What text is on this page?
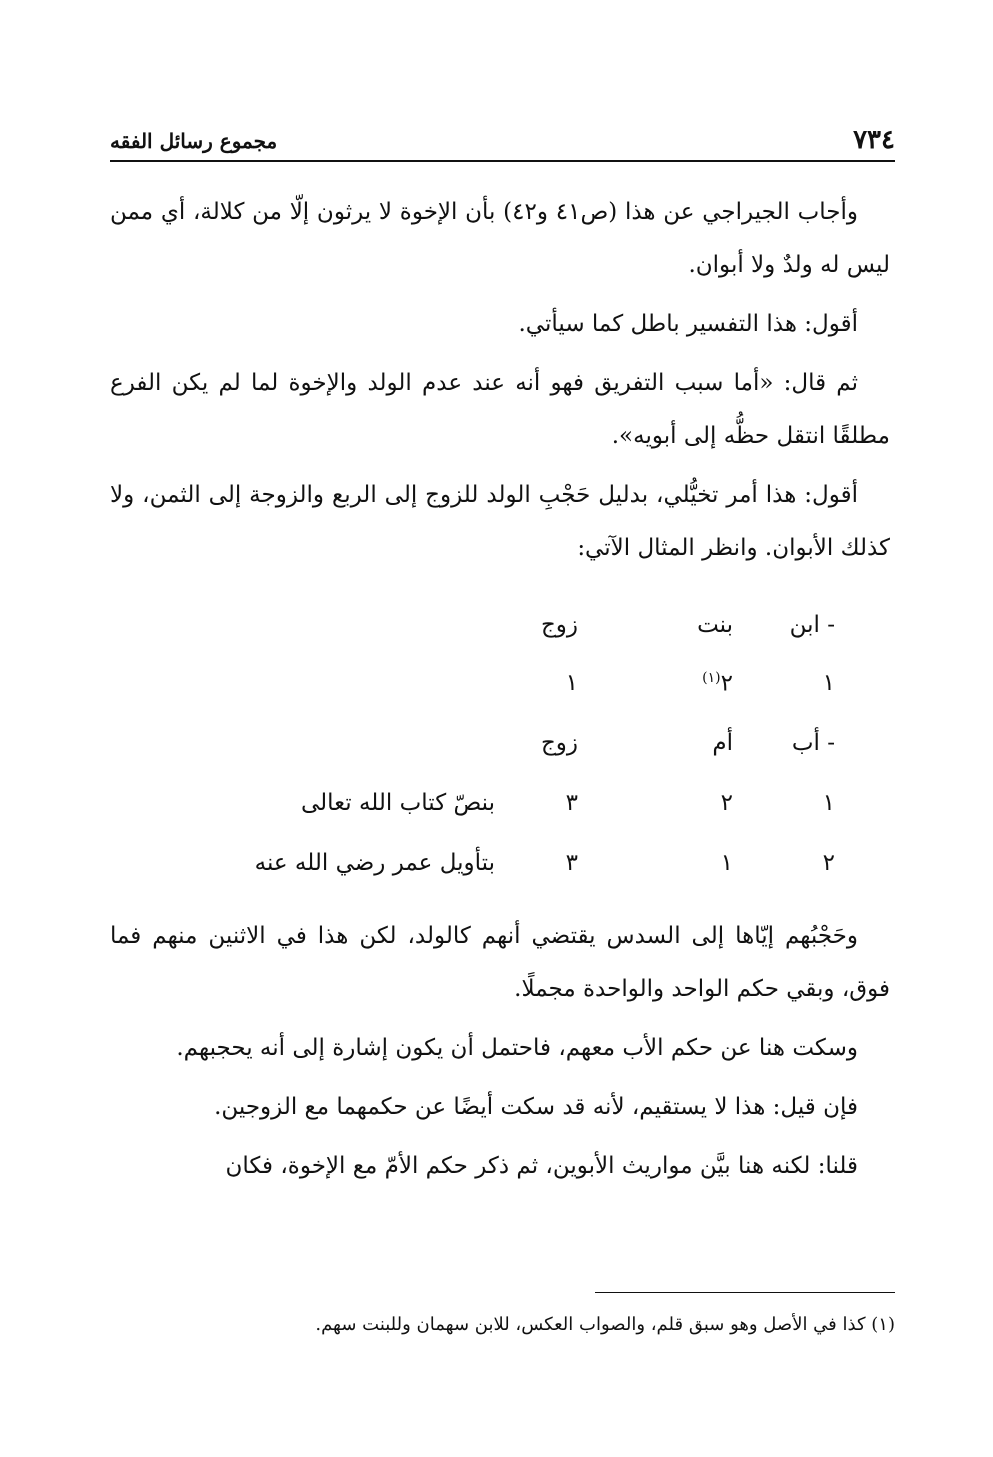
٧٣٤
مجموع رسائل الفقه

وأجاب الجيراجي عن هذا (ص٤١ و٤٢) بأن الإخوة لا يرثون إلّا من كلالة، أي ممن ليس له ولدٌ ولا أبوان.

أقول: هذا التفسير باطل كما سيأتي.

ثم قال: «أما سبب التفريق فهو أنه عند عدم الولد والإخوة لما لم يكن الفرع مطلقًا انتقل حظُّه إلى أبويه».

أقول: هذا أمر تخيُّلي، بدليل حَجْبِ الولد للزوج إلى الربع والزوجة إلى الثمن، ولا كذلك الأبوان. وانظر المثال الآتي:

- ابن
بنت
زوج
١
٢$^{(١)}$
١
- أب
أم
زوج
١
٢
٣
بنصّ كتاب الله تعالى
٢
١
٣
بتأويل عمر رضي الله عنه

وحَجْبُهم إيّاها إلى السدس يقتضي أنهم كالولد، لكن هذا في الاثنين منهم فما فوق، وبقي حكم الواحد والواحدة مجملًا.

وسكت هنا عن حكم الأب معهم، فاحتمل أن يكون إشارة إلى أنه يحجبهم.

فإن قيل: هذا لا يستقيم، لأنه قد سكت أيضًا عن حكمهما مع الزوجين.

قلنا: لكنه هنا بيَّن مواريث الأبوين، ثم ذكر حكم الأمّ مع الإخوة، فكان

(١) كذا في الأصل وهو سبق قلم، والصواب العكس، للابن سهمان وللبنت سهم.
